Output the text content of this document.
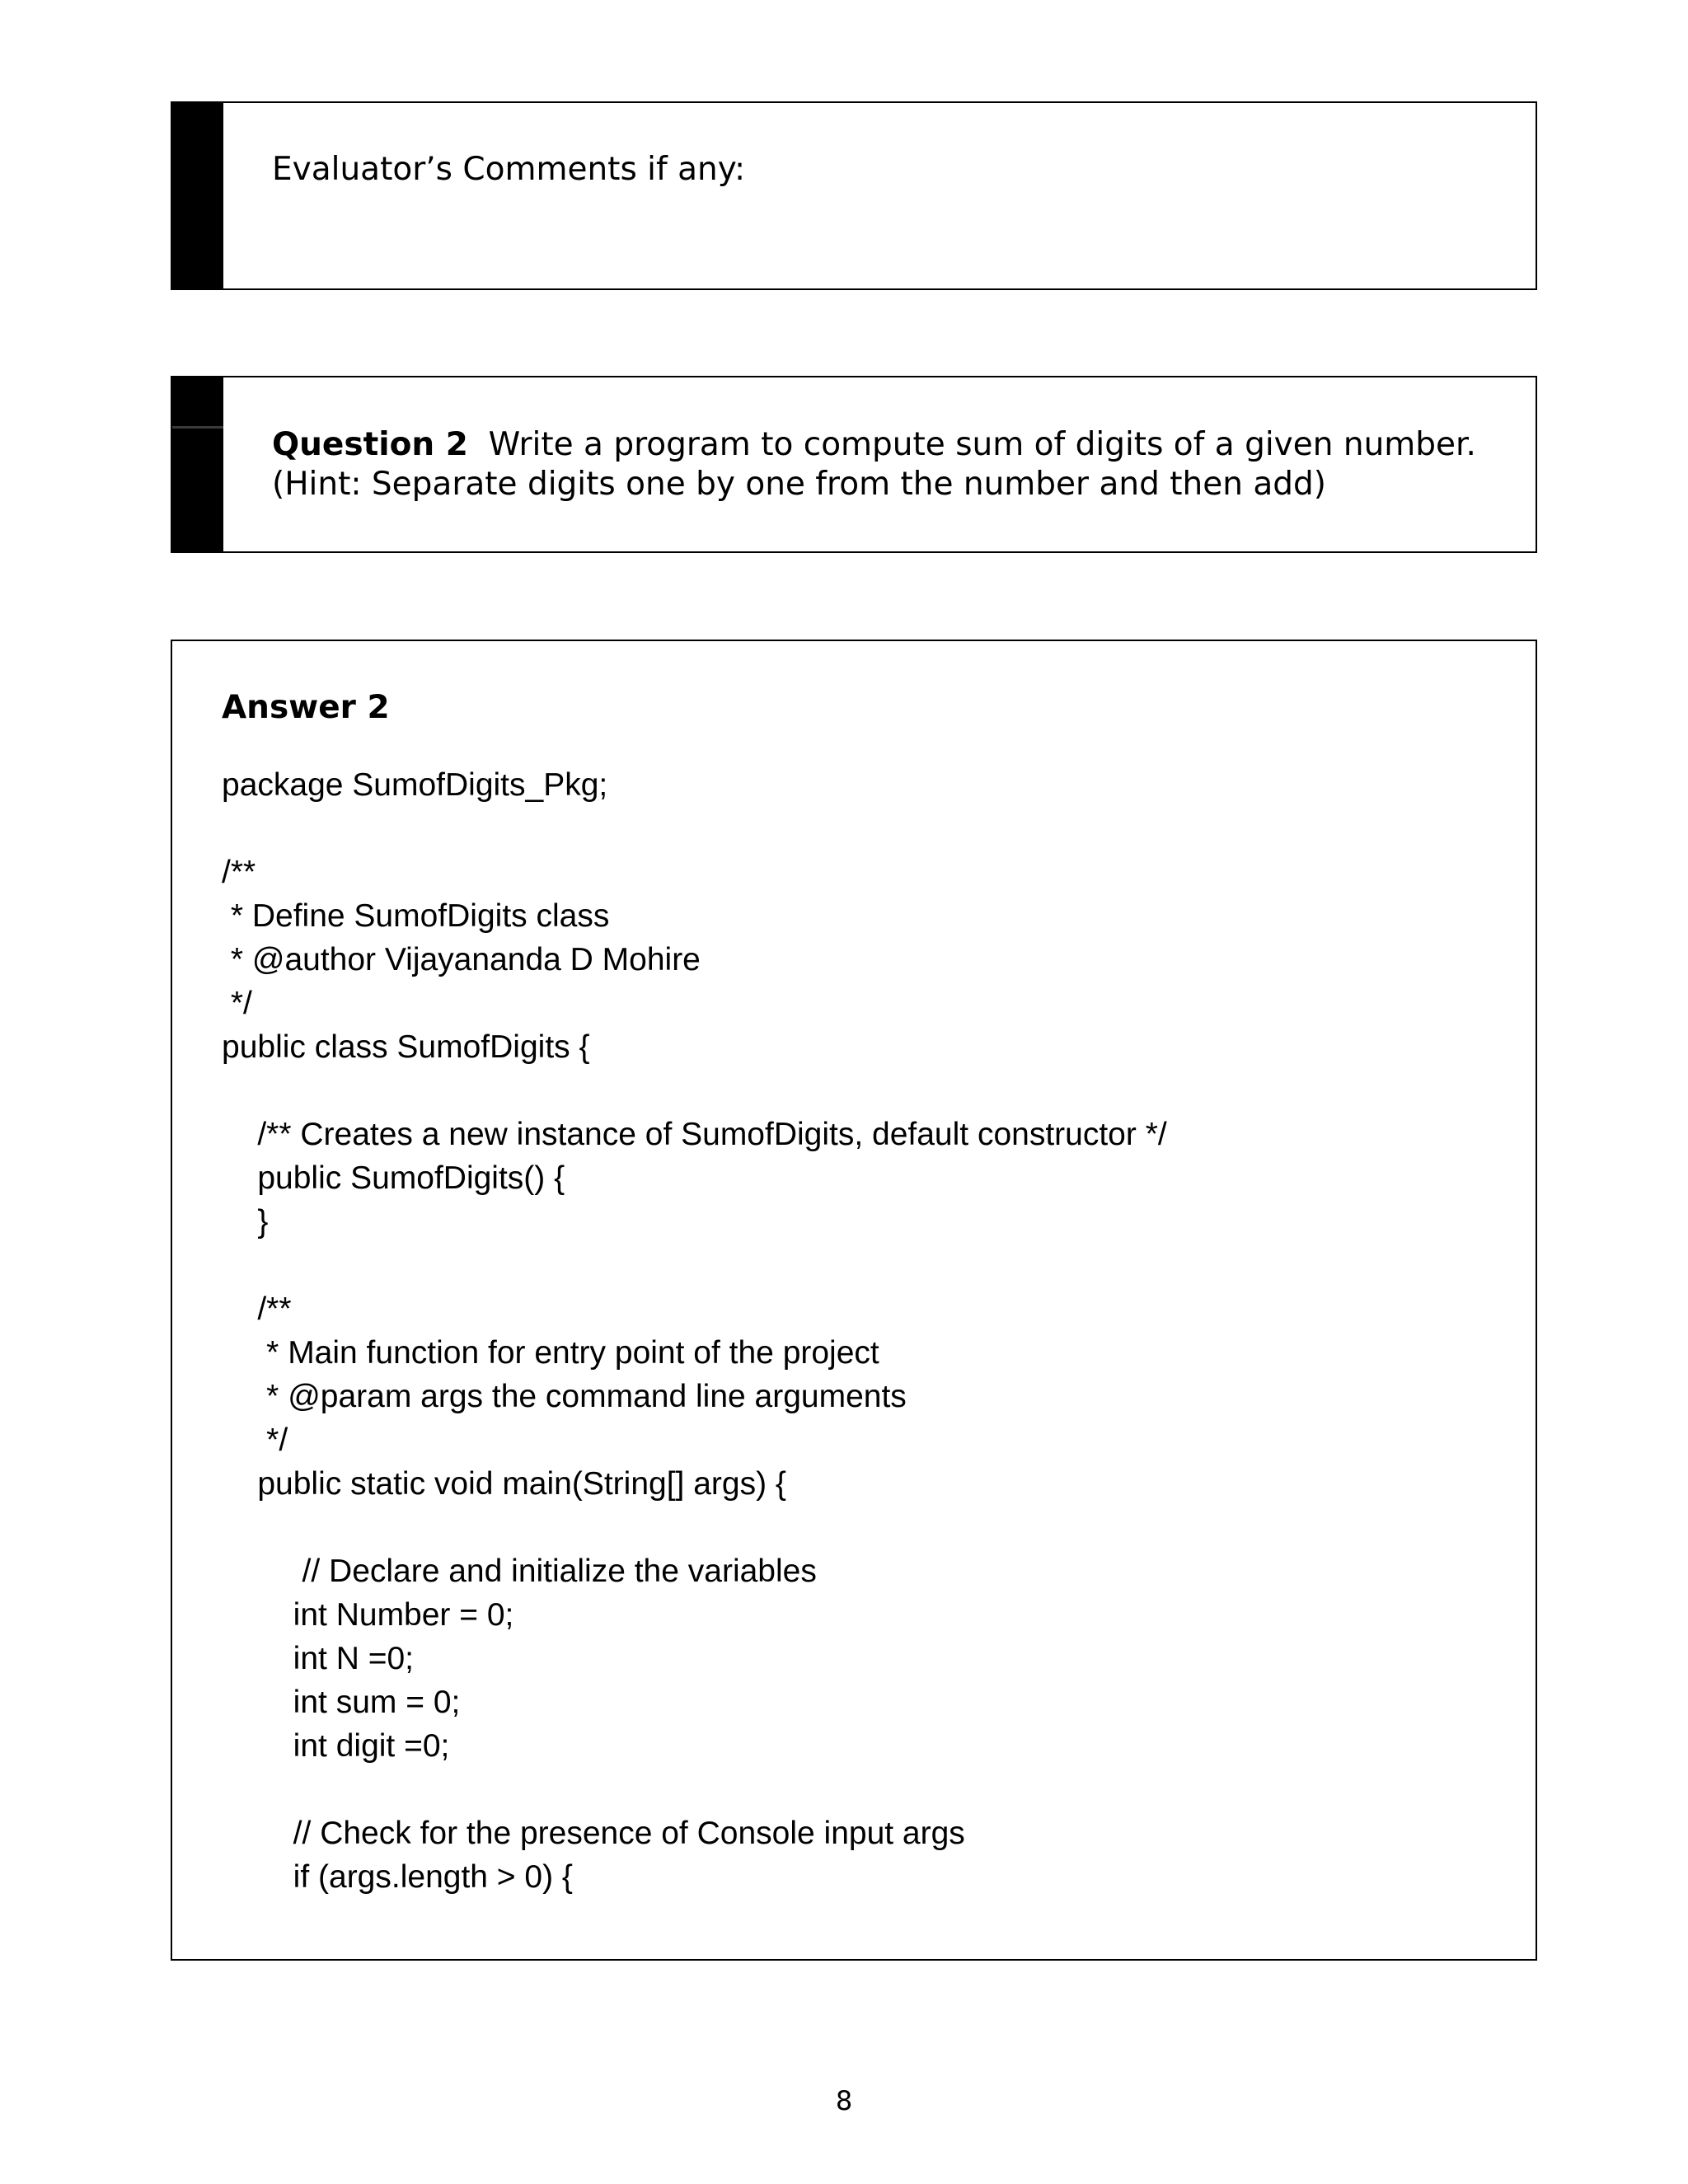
Evaluator’s Comments if any:
Question 2  Write a program to compute sum of digits of a given number.
(Hint: Separate digits one by one from the number and then add)
Answer 2
package SumofDigits_Pkg;
/**
* Define SumofDigits class
* @author Vijayananda D Mohire
*/
public class SumofDigits {
/** Creates a new instance of SumofDigits, default constructor */
public SumofDigits() {
}
/**
* Main function for entry point of the project
* @param args the command line arguments
*/
public static void main(String[] args) {
// Declare and initialize the variables
int Number = 0;
int N =0;
int sum = 0;
int digit =0;
// Check for the presence of Console input args
if (args.length > 0) {
8
